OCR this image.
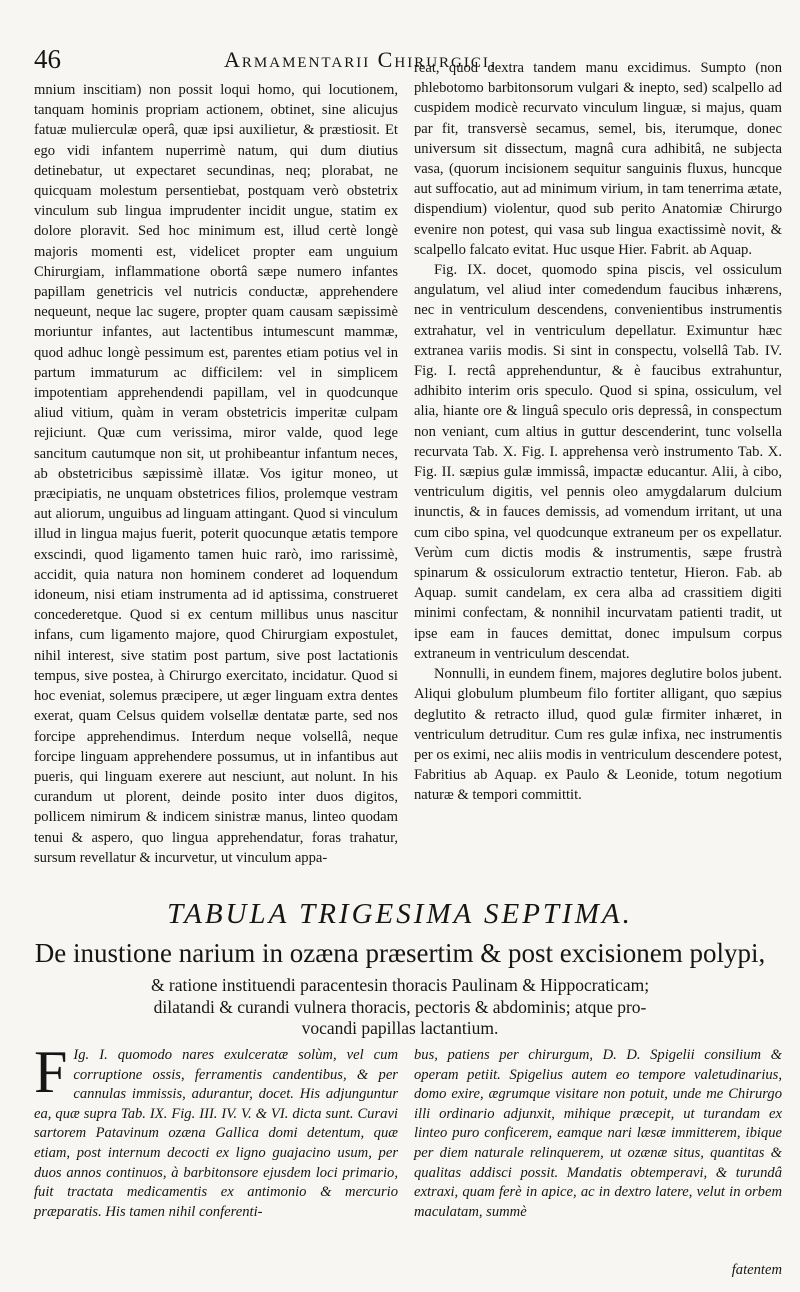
46	Armamentarii Chirurgici,

mnium inscitiam) non possit loqui homo, qui locutionem, tanquam hominis propriam actionem, obtinet, sine alicujus fatuæ mulierculæ operâ, quæ ipsi auxilietur, & præstiosit. Et ego vidi infantem nuperrimè natum, qui dum diutius detinebatur, ut expectaret secundinas, neq; plorabat, ne quicquam molestum persentiebat, postquam verò obstetrix vinculum sub lingua imprudenter incidit ungue, statim ex dolore ploravit. Sed hoc minimum est, illud certè longè majoris momenti est, videlicet propter eam unguium Chirurgiam, inflammatione obortâ sæpe numero infantes papillam genetricis vel nutricis conductæ, apprehendere nequeunt, neque lac sugere, propter quam causam sæpissimè moriuntur infantes, aut lactentibus intumescunt mammæ, quod adhuc longè pessimum est, parentes etiam potius vel in partum immaturum ac difficilem: vel in simplicem impotentiam apprehendendi papillam, vel in quodcunque aliud vitium, quàm in veram obstetricis imperitæ culpam rejiciunt. Quæ cum verissima, miror valde, quod lege sancitum cautumque non sit, ut prohibeantur infantum neces, ab obstetricibus sæpissimè illatæ. Vos igitur moneo, ut præcipiatis, ne unquam obstetrices filios, prolemque vestram aut aliorum, unguibus ad linguam attingant. Quod si vinculum illud in lingua majus fuerit, poterit quocunque ætatis tempore exscindi, quod ligamento tamen huic rarò, imo rarissimè, accidit, quia natura non hominem conderet ad loquendum idoneum, nisi etiam instrumenta ad id aptissima, construeret concederetque. Quod si ex centum millibus unus nascitur infans, cum ligamento majore, quod Chirurgiam expostulet, nihil interest, sive statim post partum, sive post lactationis tempus, sive postea, à Chirurgo exercitato, incidatur. Quod si hoc eveniat, solemus præcipere, ut æger linguam extra dentes exerat, quam Celsus quidem volsellæ dentatæ parte, sed nos forcipe apprehendimus. Interdum neque volsellâ, neque forcipe linguam apprehendere possumus, ut in infantibus aut pueris, qui linguam exerere aut nesciunt, aut nolunt. In his curandum ut plorent, deinde posito inter duos digitos, pollicem nimirum & indicem sinistræ manus, linteo quodam tenui & aspero, quo lingua apprehendatur, foras trahatur, sursum revellatur & incurvetur, ut vinculum appa-

reat, quod dextra tandem manu excidimus. Sumpto (non phlebotomo barbitonsorum vulgari & inepto, sed) scalpello ad cuspidem modicè recurvato vinculum linguæ, si majus, quam par fit, transversè secamus, semel, bis, iterumque, donec universum sit dissectum, magnâ cura adhibitâ, ne subjecta vasa, (quorum incisionem sequitur sanguinis fluxus, huncque aut suffocatio, aut ad minimum virium, in tam tenerrima ætate, dispendium) violentur, quod sub perito Anatomiæ Chirurgo evenire non potest, qui vasa sub lingua exactissimè novit, & scalpello falcato evitat. Huc usque Hier. Fabrit. ab Aquap.

Fig. IX. docet, quomodo spina piscis, vel ossiculum angulatum, vel aliud inter comedendum faucibus inhærens, nec in ventriculum descendens, convenientibus instrumentis extrahatur, vel in ventriculum depellatur. Eximuntur hæc extranea variis modis. Si sint in conspectu, volsellâ Tab. IV. Fig. I. rectâ apprehenduntur, & è faucibus extrahuntur, adhibito interim oris speculo. Quod si spina, ossiculum, vel alia, hiante ore & linguâ speculo oris depressâ, in conspectum non veniant, cum altius in guttur descenderint, tunc volsella recurvata Tab. X. Fig. I. apprehensa verò instrumento Tab. X. Fig. II. sæpius gulæ immissâ, impactæ educantur. Alii, à cibo, ventriculum digitis, vel pennis oleo amygdalarum dulcium inunctis, & in fauces demissis, ad vomendum irritant, ut una cum cibo spina, vel quodcunque extraneum per os expellatur. Verùm cum dictis modis & instrumentis, sæpe frustrà spinarum & ossiculorum extractio tentetur, Hieron. Fab. ab Aquap. sumit candelam, ex cera alba ad crassitiem digiti minimi confectam, & nonnihil incurvatam patienti tradit, ut ipse eam in fauces demittat, donec impulsum corpus extraneum in ventriculum descendat.

Nonnulli, in eundem finem, majores deglutire bolos jubent. Aliqui globulum plumbeum filo fortiter alligant, quo sæpius deglutito & retracto illud, quod gulæ firmiter inhæret, in ventriculum detruditur. Cum res gulæ infixa, nec instrumentis per os eximi, nec aliis modis in ventriculum descendere potest, Fabritius ab Aquap. ex Paulo & Leonide, totum negotium naturæ & tempori committit.

TABULA TRIGESIMA SEPTIMA.
De inustione narium in ozæna præsertim & post excisionem polypi,
& ratione instituendi paracentesin thoracis Paulinam & Hippocraticam;
dilatandi & curandi vulnera thoracis, pectoris & abdominis; atque pro-
vocandi papillas lactantium.
F Ig. I. quomodo nares exulceratæ solùm, vel cum corruptione ossis, ferramentis candentibus, & per cannulas immissis, adurantur, docet. His adjunguntur ea, quæ supra Tab. IX. Fig. III. IV. V. & VI. dicta sunt. Curavi sartorem Patavinum ozæna Gallica domi detentum, quæ etiam, post internum decocti ex ligno guajacino usum, per duos annos continuos, à barbitonsore ejusdem loci primario, fuit tractata medicamentis ex antimonio & mercurio præparatis. His tamen nihil conferenti-
bus, patiens per chirurgum, D. D. Spigelii consilium & operam petiit. Spigelius autem eo tempore valetudinarius, domo exire, ægrumque visitare non potuit, unde me Chirurgo illi ordinario adjunxit, mihique præcepit, ut turandam ex linteo puro conficerem, eamque nari læsæ immitterem, ibique per diem naturale relinquerem, ut ozænæ situs, quantitas & qualitas addisci possit. Mandatis obtemperavi, & turundâ extraxi, quam ferè in apice, ac in dextro latere, velut in orbem maculatam, summè
fatentem
